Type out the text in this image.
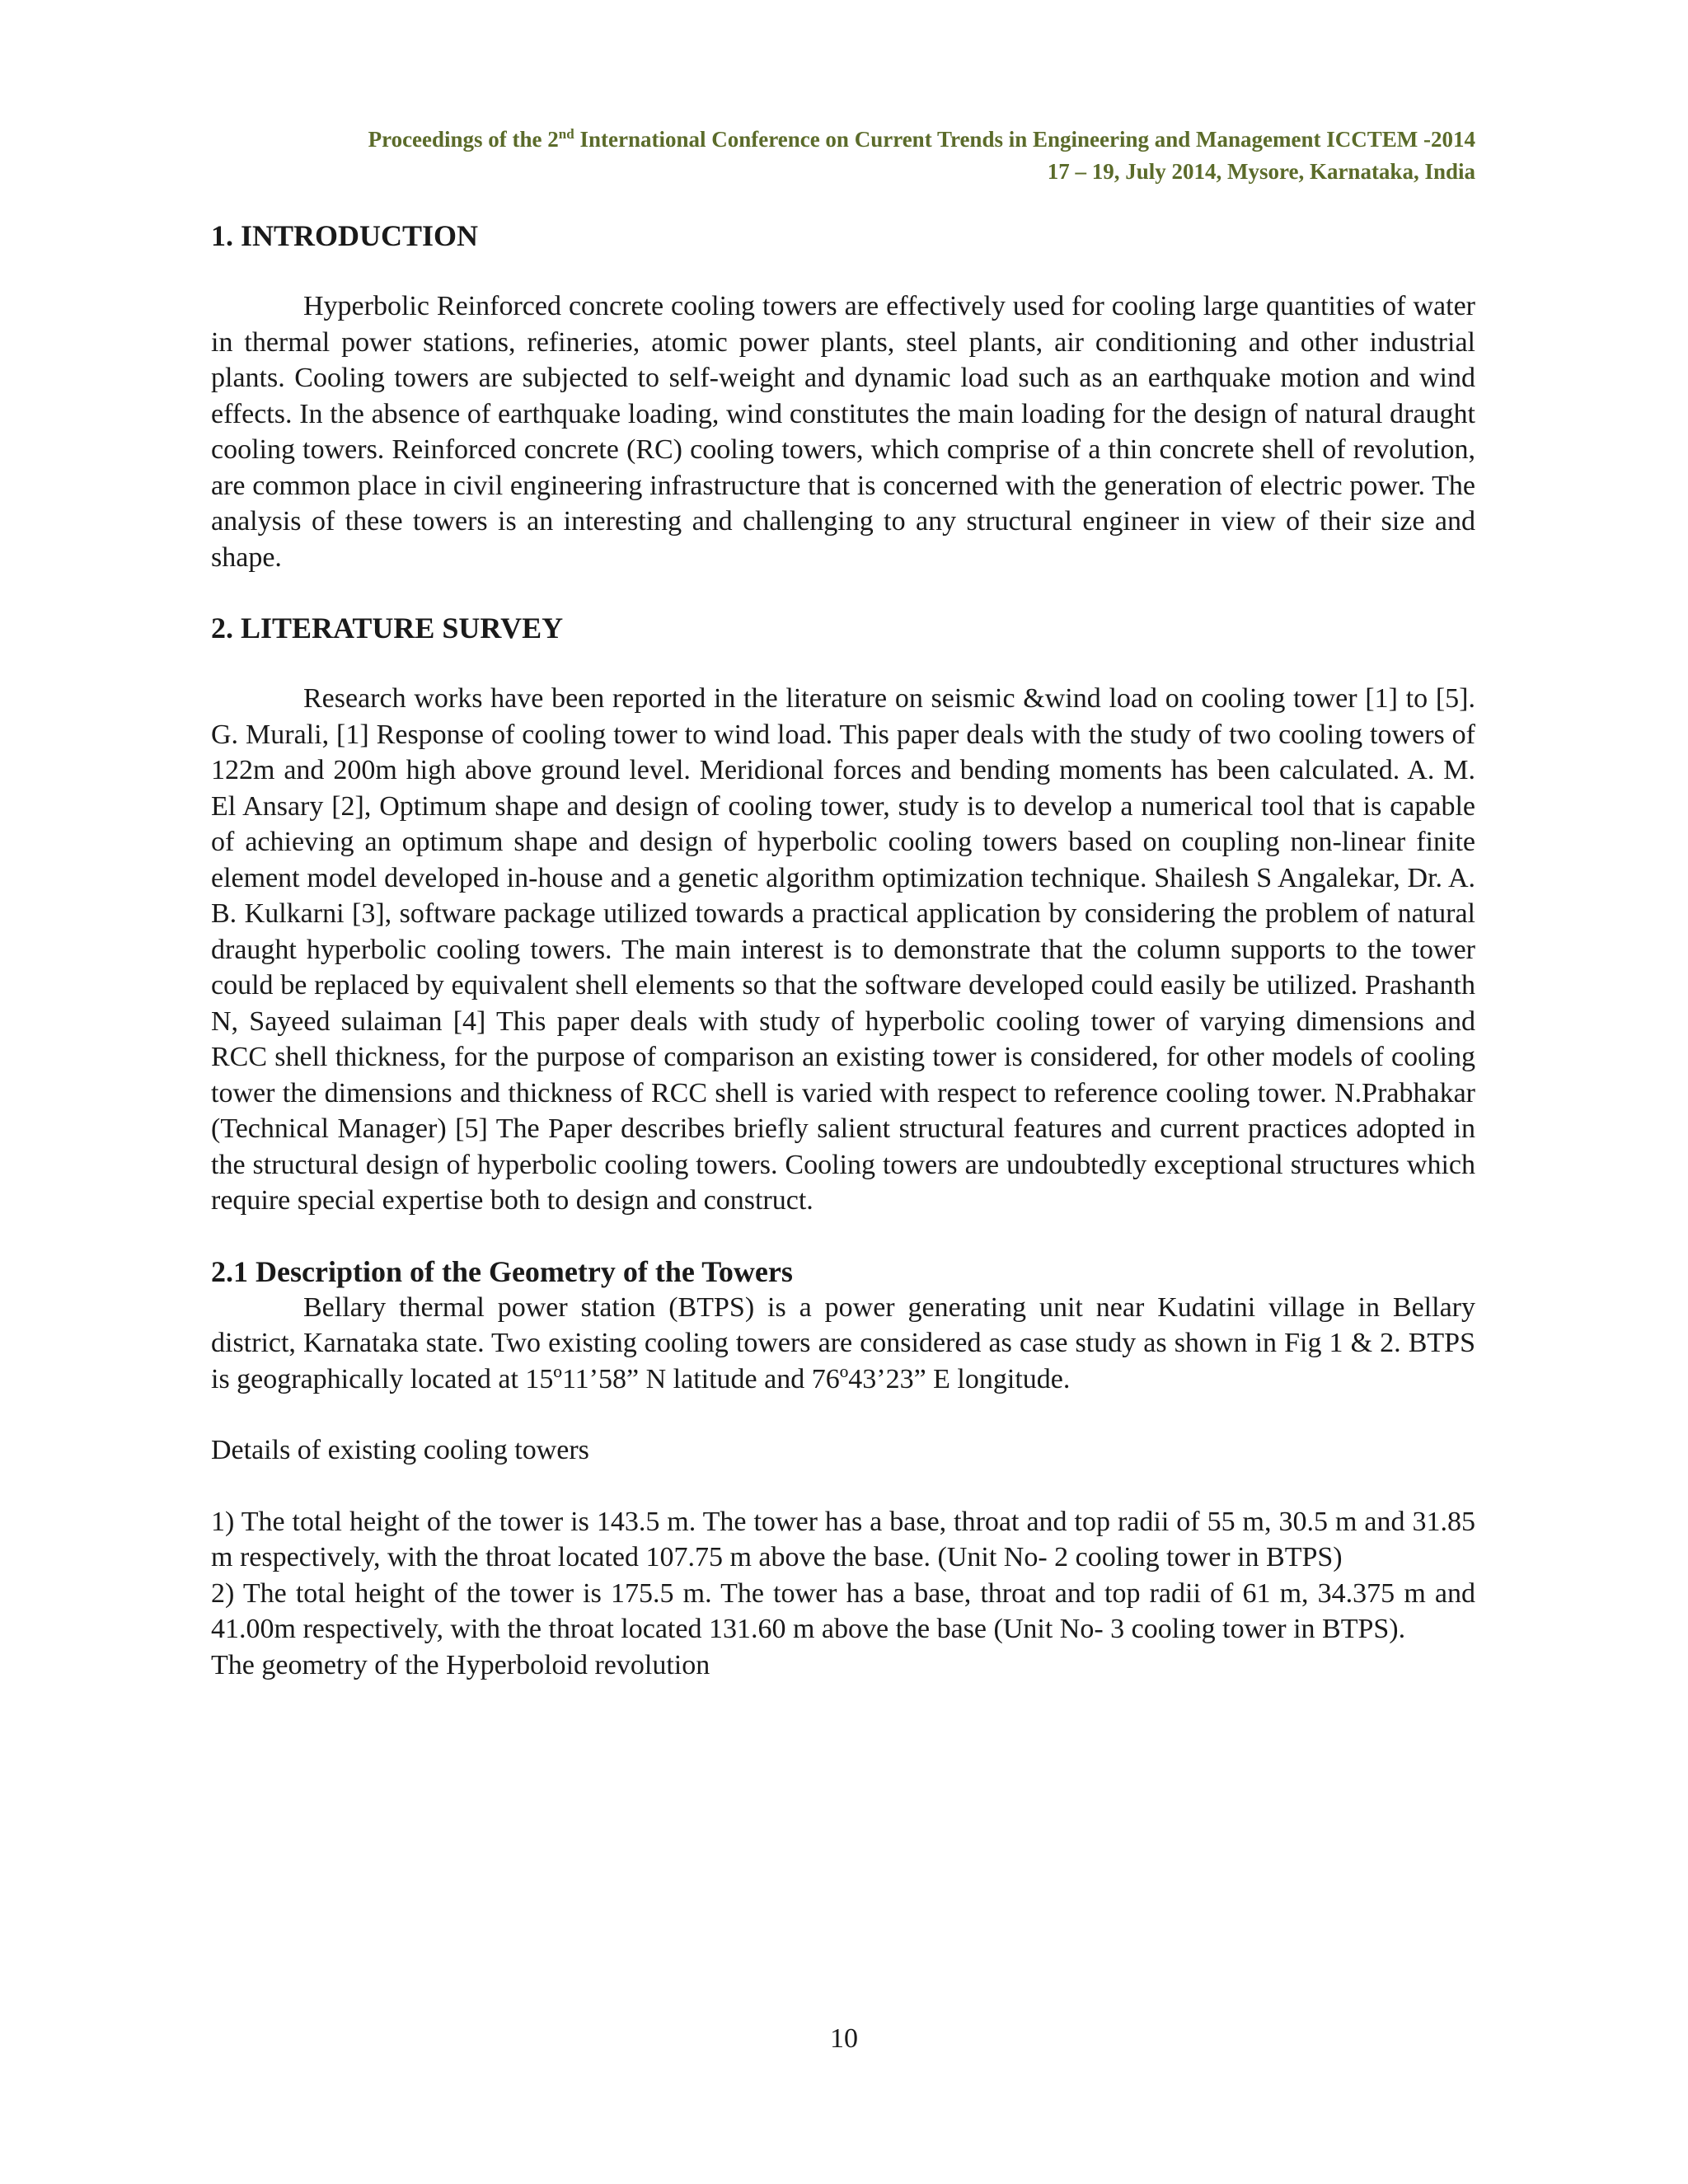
Proceedings of the 2nd International Conference on Current Trends in Engineering and Management ICCTEM -2014
17 – 19, July 2014, Mysore, Karnataka, India
1. INTRODUCTION

Hyperbolic Reinforced concrete cooling towers are effectively used for cooling large quantities of water in thermal power stations, refineries, atomic power plants, steel plants, air conditioning and other industrial plants. Cooling towers are subjected to self-weight and dynamic load such as an earthquake motion and wind effects. In the absence of earthquake loading, wind constitutes the main loading for the design of natural draught cooling towers. Reinforced concrete (RC) cooling towers, which comprise of a thin concrete shell of revolution, are common place in civil engineering infrastructure that is concerned with the generation of electric power. The analysis of these towers is an interesting and challenging to any structural engineer in view of their size and shape.

2. LITERATURE SURVEY

Research works have been reported in the literature on seismic &wind load on cooling tower [1] to [5]. G. Murali, [1] Response of cooling tower to wind load. This paper deals with the study of two cooling towers of 122m and 200m high above ground level. Meridional forces and bending moments has been calculated. A. M. El Ansary [2], Optimum shape and design of cooling tower, study is to develop a numerical tool that is capable of achieving an optimum shape and design of hyperbolic cooling towers based on coupling non-linear finite element model developed in-house and a genetic algorithm optimization technique. Shailesh S Angalekar, Dr. A. B. Kulkarni [3], software package utilized towards a practical application by considering the problem of natural draught hyperbolic cooling towers. The main interest is to demonstrate that the column supports to the tower could be replaced by equivalent shell elements so that the software developed could easily be utilized. Prashanth N, Sayeed sulaiman [4] This paper deals with study of hyperbolic cooling tower of varying dimensions and RCC shell thickness, for the purpose of comparison an existing tower is considered, for other models of cooling tower the dimensions and thickness of RCC shell is varied with respect to reference cooling tower. N.Prabhakar (Technical Manager) [5] The Paper describes briefly salient structural features and current practices adopted in the structural design of hyperbolic cooling towers. Cooling towers are undoubtedly exceptional structures which require special expertise both to design and construct.

2.1 Description of the Geometry of the Towers

Bellary thermal power station (BTPS) is a power generating unit near Kudatini village in Bellary district, Karnataka state. Two existing cooling towers are considered as case study as shown in Fig 1 & 2. BTPS is geographically located at 15º11’58” N latitude and 76º43’23” E longitude.

Details of existing cooling towers

1) The total height of the tower is 143.5 m. The tower has a base, throat and top radii of 55 m, 30.5 m and 31.85 m respectively, with the throat located 107.75 m above the base. (Unit No- 2 cooling tower in BTPS)

2) The total height of the tower is 175.5 m. The tower has a base, throat and top radii of 61 m, 34.375 m and 41.00m respectively, with the throat located 131.60 m above the base (Unit No- 3 cooling tower in BTPS).

The geometry of the Hyperboloid revolution

10
